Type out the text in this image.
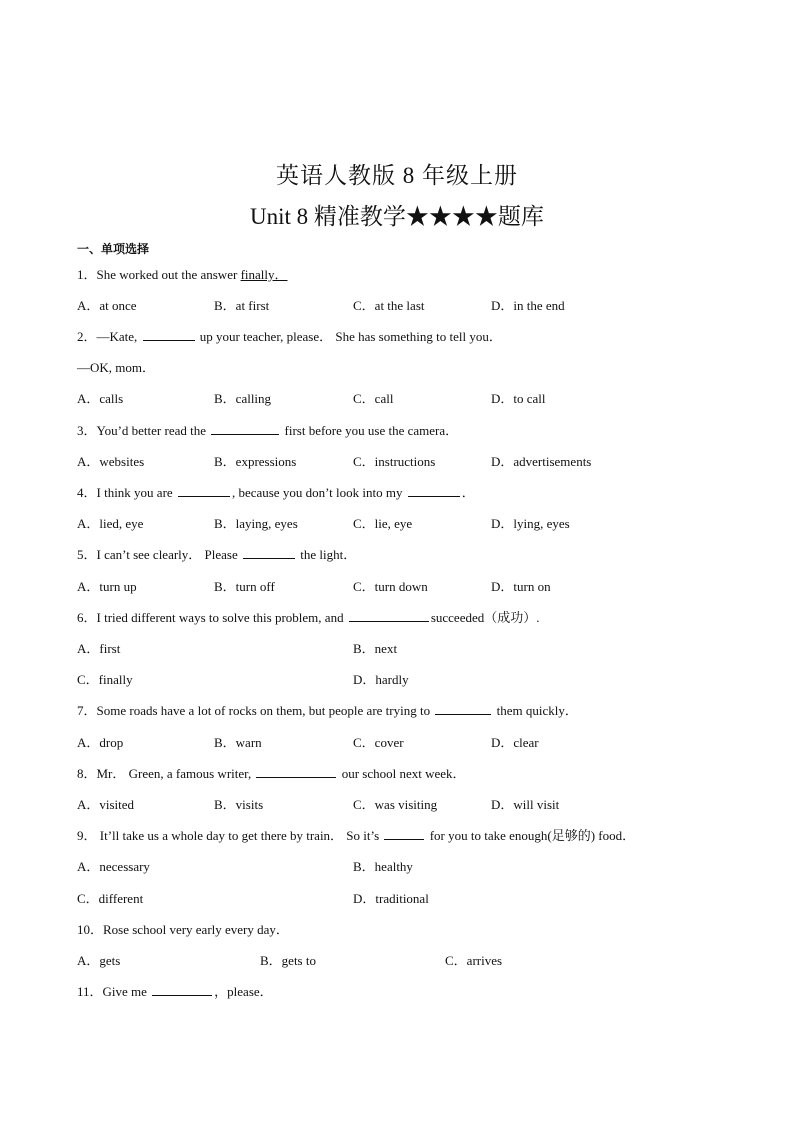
英语人教版 8 年级上册
Unit 8 精准教学★★★★题库
一、单项选择
1．She worked out the answer finally．
A．at once	B．at first	C．at the last	D．in the end
2．—Kate,	up your teacher, please． She has something to tell you．
—OK, mom．
A．calls	B．calling	C．call	D．to call
3．You’d better read the	first before you use the camera．
A．websites	B．expressions	C．instructions	D．advertisements
4．I think you are	, because you don’t look into my	．
A．lied, eye	B．laying, eyes	C．lie, eye	D．lying, eyes
5．I can’t see clearly． Please	the light．
A．turn up	B．turn off	C．turn down	D．turn on
6．I tried different ways to solve this problem, and	succeeded（成功）.
A．first	B．next
C．finally	D．hardly
7．Some roads have a lot of rocks on them, but people are trying to	them quickly．
A．drop	B．warn	C．cover	D．clear
8．Mr． Green, a famous writer,	our school next week．
A．visited	B．visits	C．was visiting	D．will visit
9． It’ll take us a whole day to get there by train． So it’s	for you to take enough(足够的) food．
A．necessary	B．healthy
C．different	D．traditional
10．Rose school very early every day．
A．gets	B．gets to	C．arrives
11．Give me	，please．
